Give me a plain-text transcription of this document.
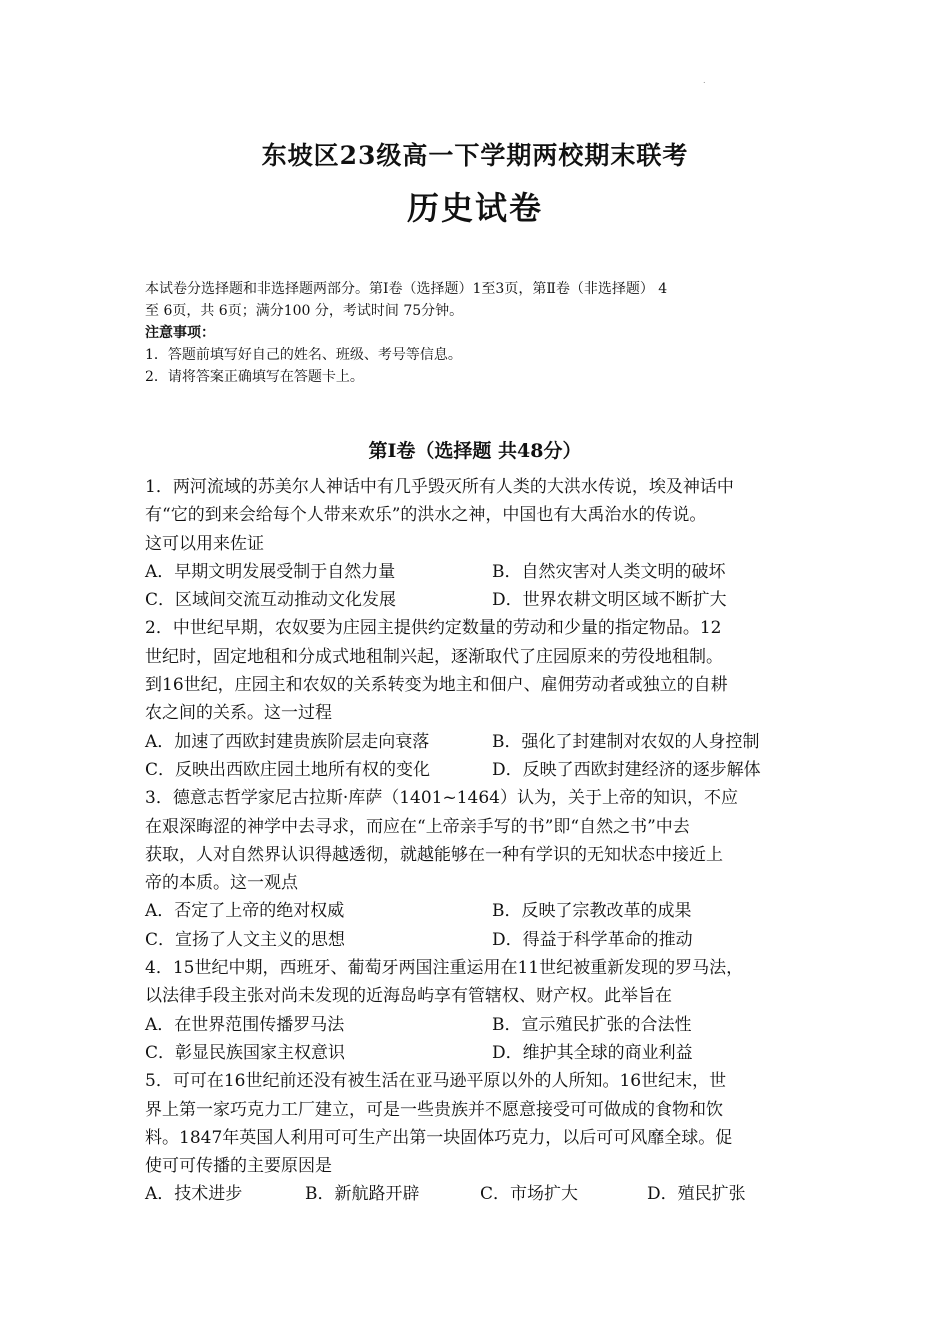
.
东坡区23级高一下学期两校期末联考
历史试卷

本试卷分选择题和非选择题两部分。第Ⅰ卷（选择题）1至3页，第Ⅱ卷（非选择题） 4

至 6页，共 6页；满分100 分，考试时间 75分钟。

注意事项：

1．答题前填写好自己的姓名、班级、考号等信息。

2．请将答案正确填写在答题卡上。

第Ⅰ卷（选择题 共48分）
1．两河流域的苏美尔人神话中有几乎毁灭所有人类的大洪水传说，埃及神话中
有“它的到来会给每个人带来欢乐”的洪水之神，中国也有大禹治水的传说。
这可以用来佐证
A．早期文明发展受制于自然力量	B．自然灾害对人类文明的破坏
C．区域间交流互动推动文化发展	D．世界农耕文明区域不断扩大
2．中世纪早期，农奴要为庄园主提供约定数量的劳动和少量的指定物品。12
世纪时，固定地租和分成式地租制兴起，逐渐取代了庄园原来的劳役地租制。
到16世纪，庄园主和农奴的关系转变为地主和佃户、雇佣劳动者或独立的自耕
农之间的关系。这一过程
A．加速了西欧封建贵族阶层走向衰落	B．强化了封建制对农奴的人身控制
C．反映出西欧庄园土地所有权的变化	D．反映了西欧封建经济的逐步解体
3．德意志哲学家尼古拉斯·库萨（1401~1464）认为，关于上帝的知识，不应
在艰深晦涩的神学中去寻求，而应在“上帝亲手写的书”即“自然之书”中去
获取，人对自然界认识得越透彻，就越能够在一种有学识的无知状态中接近上
帝的本质。这一观点
A．否定了上帝的绝对权威	B．反映了宗教改革的成果
C．宣扬了人文主义的思想	D．得益于科学革命的推动
4．15世纪中期，西班牙、葡萄牙两国注重运用在11世纪被重新发现的罗马法，
以法律手段主张对尚未发现的近海岛屿享有管辖权、财产权。此举旨在
A．在世界范围传播罗马法	B．宣示殖民扩张的合法性
C．彰显民族国家主权意识	D．维护其全球的商业利益
5．可可在16世纪前还没有被生活在亚马逊平原以外的人所知。16世纪末，世
界上第一家巧克力工厂建立，可是一些贵族并不愿意接受可可做成的食物和饮
料。1847年英国人利用可可生产出第一块固体巧克力，以后可可风靡全球。促
使可可传播的主要原因是
A．技术进步	B．新航路开辟	C．市场扩大	D．殖民扩张
